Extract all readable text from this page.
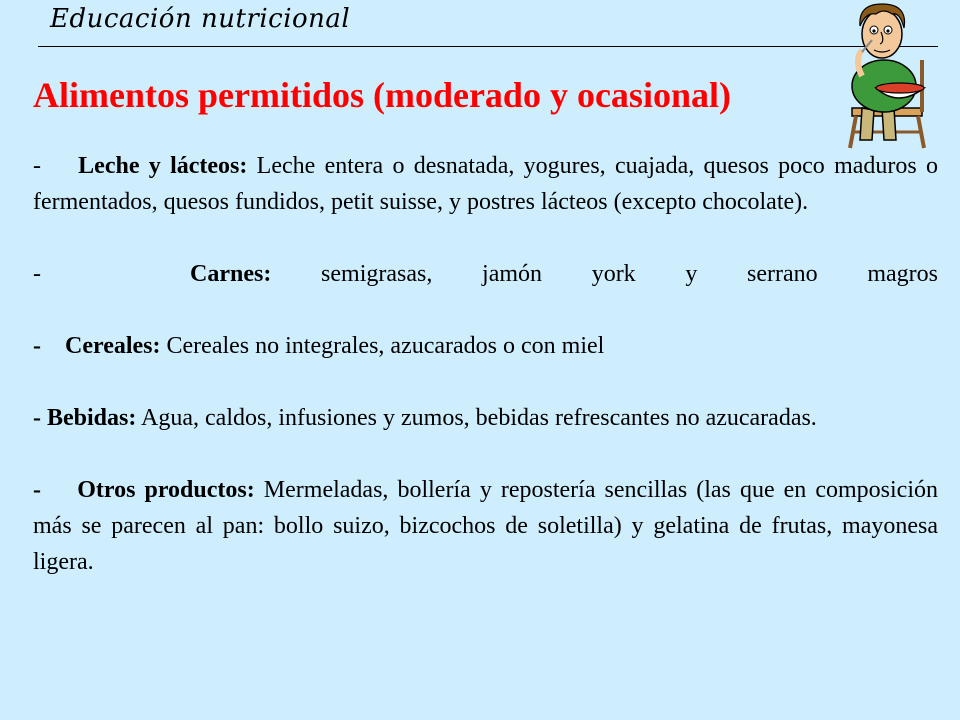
Educación nutricional
Alimentos permitidos (moderado y ocasional)

- Leche y lácteos: Leche entera o desnatada, yogures, cuajada, quesos poco maduros o fermentados, quesos fundidos, petit suisse, y postres lácteos (excepto chocolate).

-	Carnes: semigrasas, jamón york y serrano magros

- Cereales: Cereales no integrales, azucarados o con miel

- Bebidas: Agua, caldos, infusiones y zumos, bebidas refrescantes no azucaradas.

- Otros productos: Mermeladas, bollería y repostería sencillas (las que en composición más se parecen al pan: bollo suizo, bizcochos de soletilla) y gelatina de frutas, mayonesa ligera.
